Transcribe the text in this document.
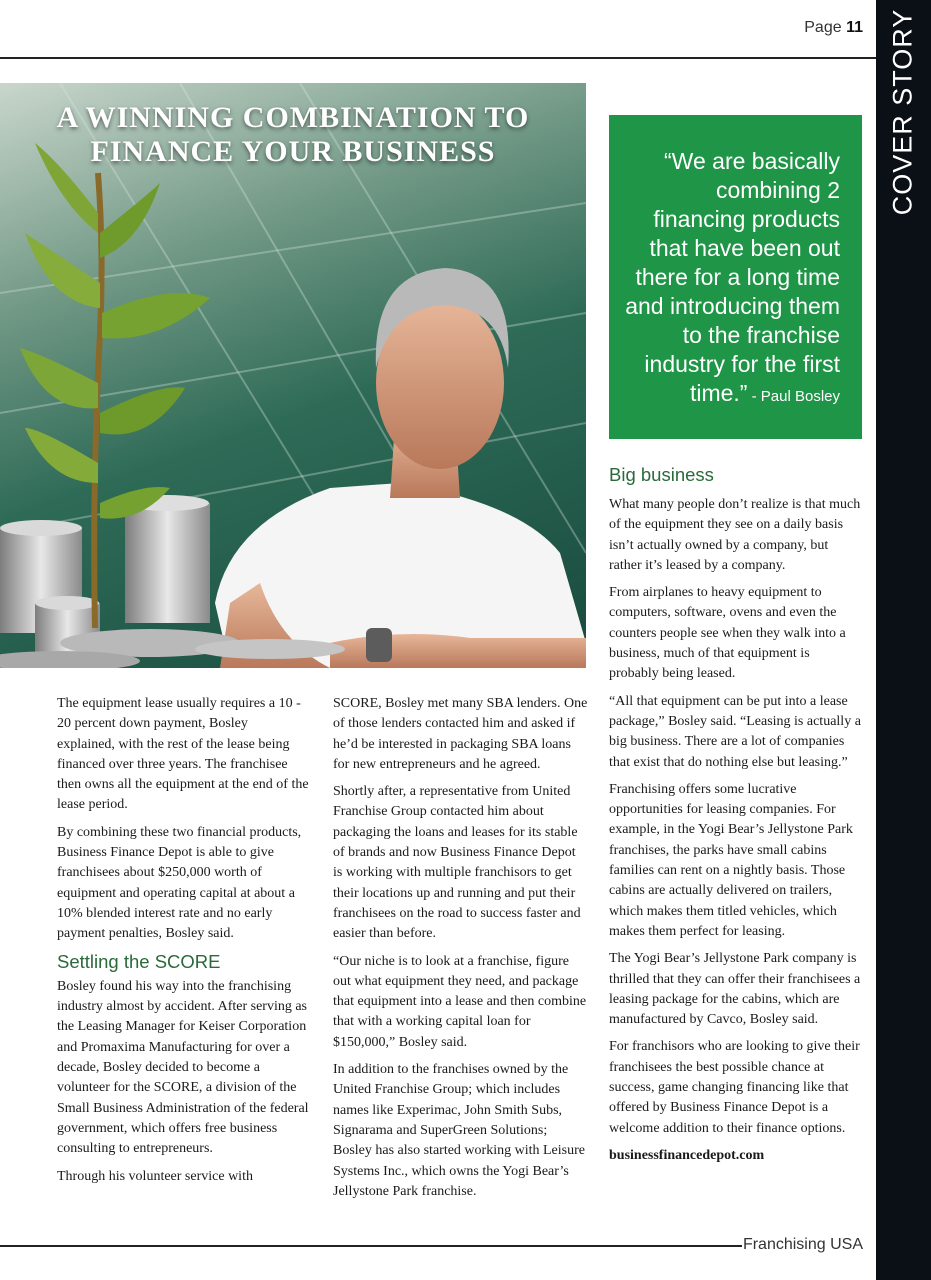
COVER STORY
Page 11
A WINNING COMBINATION TO
FINANCE YOUR BUSINESS	“We are basically combining 2 financing products that have been out there for a long time and introducing them to the franchise industry for the first time.” - Paul Bosley

The equipment lease usually requires a 10 - 20 percent down payment, Bosley explained, with the rest of the lease being financed over three years. The franchisee then owns all the equipment at the end of the lease period.

By combining these two financial products, Business Finance Depot is able to give franchisees about $250,000 worth of equipment and operating capital at about a 10% blended interest rate and no early payment penalties, Bosley said.

Settling the SCORE

Bosley found his way into the franchising industry almost by accident. After serving as the Leasing Manager for Keiser Corporation and Promaxima Manufacturing for over a decade, Bosley decided to become a volunteer for the SCORE, a division of the Small Business Administration of the federal government, which offers free business consulting to entrepreneurs.

Through his volunteer service with

SCORE, Bosley met many SBA lenders. One of those lenders contacted him and asked if he’d be interested in packaging SBA loans for new entrepreneurs and he agreed.

Shortly after, a representative from United Franchise Group contacted him about packaging the loans and leases for its stable of brands and now Business Finance Depot is working with multiple franchisors to get their locations up and running and put their franchisees on the road to success faster and easier than before.

“Our niche is to look at a franchise, figure out what equipment they need, and package that equipment into a lease and then combine that with a working capital loan for $150,000,” Bosley said.

In addition to the franchises owned by the United Franchise Group; which includes names like Experimac, John Smith Subs, Signarama and SuperGreen Solutions; Bosley has also started working with Leisure Systems Inc., which owns the Yogi Bear’s Jellystone Park franchise.

Big business

What many people don’t realize is that much of the equipment they see on a daily basis isn’t actually owned by a company, but rather it’s leased by a company.

From airplanes to heavy equipment to computers, software, ovens and even the counters people see when they walk into a business, much of that equipment is probably being leased.

“All that equipment can be put into a lease package,” Bosley said. “Leasing is actually a big business. There are a lot of companies that exist that do nothing else but leasing.”

Franchising offers some lucrative opportunities for leasing companies. For example, in the Yogi Bear’s Jellystone Park franchises, the parks have small cabins families can rent on a nightly basis. Those cabins are actually delivered on trailers, which makes them titled vehicles, which makes them perfect for leasing.

The Yogi Bear’s Jellystone Park company is thrilled that they can offer their franchisees a leasing package for the cabins, which are manufactured by Cavco, Bosley said.

For franchisors who are looking to give their franchisees the best possible chance at success, game changing financing like that offered by Business Finance Depot is a welcome addition to their finance options.

businessfinancedepot.com

Franchising USA
